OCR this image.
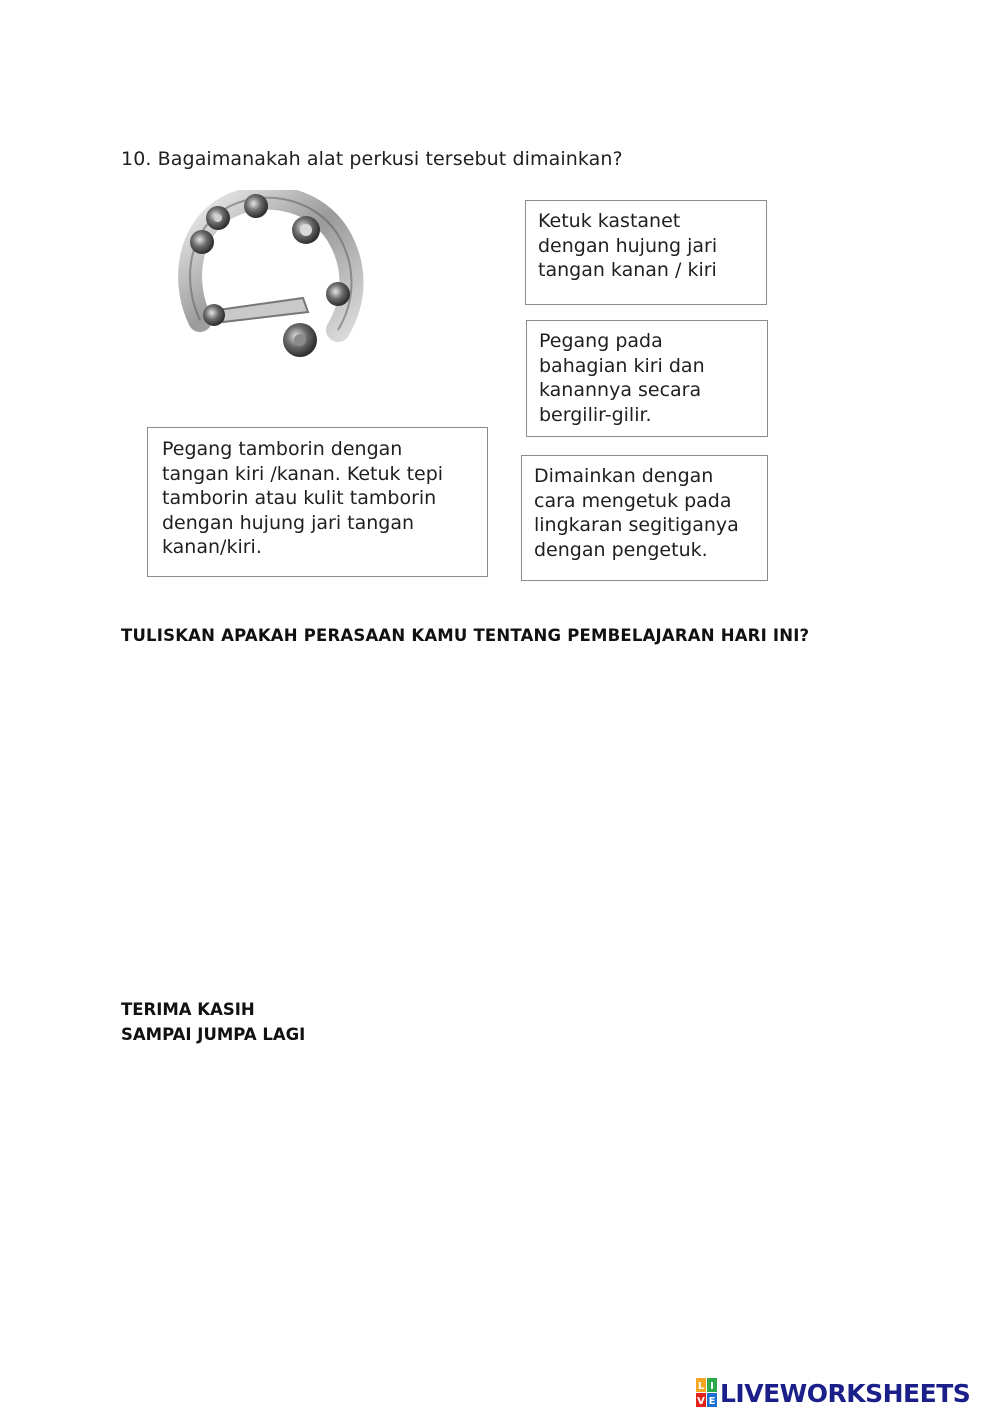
10. Bagaimanakah alat perkusi tersebut dimainkan?
Ketuk kastanet
dengan hujung jari
tangan kanan / kiri
Pegang pada
bahagian kiri dan
kanannya secara
bergilir-gilir.
Pegang tamborin dengan
tangan kiri /kanan. Ketuk tepi
tamborin atau kulit tamborin
dengan hujung jari tangan
kanan/kiri.
Dimainkan dengan
cara mengetuk pada
lingkaran segitiganya
dengan pengetuk.
TULISKAN APAKAH PERASAAN KAMU TENTANG PEMBELAJARAN HARI INI?
TERIMA KASIH
SAMPAI JUMPA LAGI
L I
V E LIVEWORKSHEETS
